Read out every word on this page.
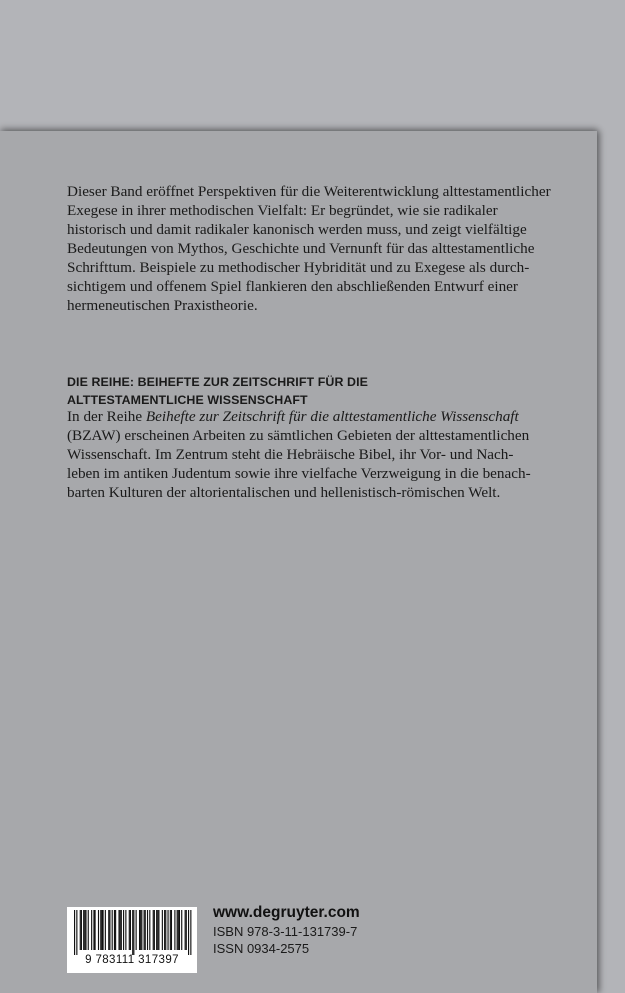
Dieser Band eröffnet Perspektiven für die Weiterentwicklung alttestamentlicher
Exegese in ihrer methodischen Vielfalt: Er begründet, wie sie radikaler
historisch und damit radikaler kanonisch werden muss, und zeigt vielfältige
Bedeutungen von Mythos, Geschichte und Vernunft für das alttestamentliche
Schrifttum. Beispiele zu methodischer Hybridität und zu Exegese als durch-
sichtigem und offenem Spiel flankieren den abschließenden Entwurf einer
hermeneutischen Praxistheorie.
DIE REIHE: BEIHEFTE ZUR ZEITSCHRIFT FÜR DIE
ALTTESTAMENTLICHE WISSENSCHAFT
In der Reihe Beihefte zur Zeitschrift für die alttestamentliche Wissenschaft
(BZAW) erscheinen Arbeiten zu sämtlichen Gebieten der alttestamentlichen
Wissenschaft. Im Zentrum steht die Hebräische Bibel, ihr Vor- und Nach-
leben im antiken Judentum sowie ihre vielfache Verzweigung in die benach-
barten Kulturen der altorientalischen und hellenistisch-römischen Welt.
9 783111 317397
www.degruyter.com
ISBN 978-3-11-131739-7
ISSN 0934-2575
